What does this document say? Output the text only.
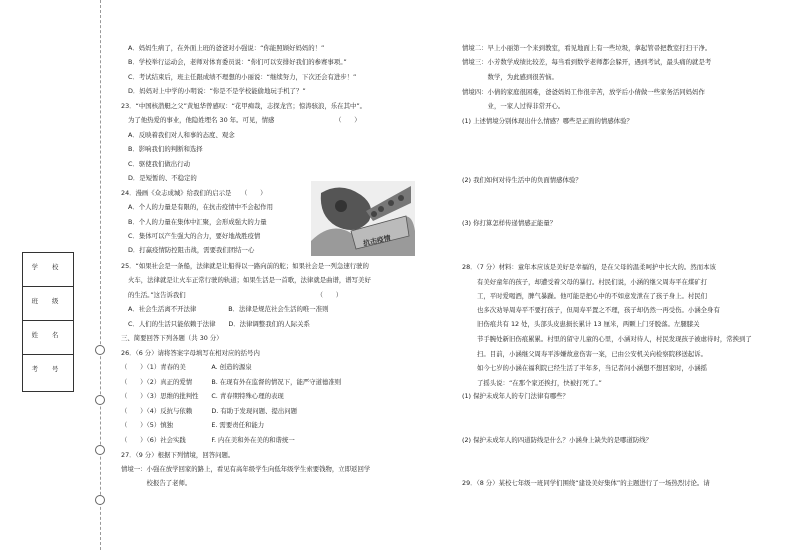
学 校
班 级
姓 名
考 号
A．妈妈生病了，在外面上班的爸爸对小强说：“你能照顾好妈妈的！”
B．学校举行运动会，老师对体育委员说：“你们可以安排好我们的参赛事项。”
C．考试结束后，班主任跟成绩不理想的小丽说：“继续努力，下次还会有进步！”
D．妈妈对上中学的小明说：“你是不是学校能偷地玩手机了？”
23．“中国核潜艇之父”黄旭华曾感叹：“花甲痴哉，志探龙宫；惊涛骇浪，乐在其中”。
为了他热爱的事业，他隐姓埋名 30 年。可见，情感　　　　　　　　　　（　　）
A．反映着我们对人和事的态度、观念
B．影响我们的判断和选择
C．驱使我们做出行动
D．是短暂的、不稳定的
24．漫画《众志成城》给我们的启示是　　（　　）
A．个人的力量是有限的，在抗击疫情中不会起作用
B．个人的力量在集体中汇聚，会形成强大的力量
C．集体可以产生强大的合力，要好地战胜疫情
D．打赢疫情防控阻击战，需要我们团结一心
25．“如果社会是一条船，法律就是让船得以一路向前的舵；如果社会是一列急速行驶的
火车，法律就是让火车正常行驶的轨道；如果生活是一首歌，法律就是曲谱，谱写美好
的生活。”这告诉我们　　　　　　　　　　　　　　　　　　　　　（　　）
A．社会生活离不开法律　　　　　B．法律是规范社会生活的唯一准则
C．人们的生活只能依赖于法律　　D．法律调整我们的人际关系
三、简要回答下列各题（共 30 分）
26．（6 分）请将答案字母填写在相对应的括号内
（　　）（1）青春的美　　　　A. 创造的源泉
（　　）（2）真正的爱情　　　B. 在现有外在监督的情况下，能严守道德准则
（　　）（3）思维的批判性　　C. 青春期特殊心理的表现
（　　）（4）反抗与依赖　　　D. 有助于发现问题、提出问题
（　　）（5）慎独　　　　　　E. 需要责任和能力
（　　）（6）社会实践　　　　F. 内在美和外在美的和谐统一
27．（9 分）根据下列情境，回答问题。
情境一：小强在放学回家的路上，看见有高年级学生向低年级学生索要钱物，立即返回学
　　　　校报告了老师。
抗击疫情
情境二：早上小丽第一个来到教室，看见地面上有一些垃圾，拿起管帚把教室打扫干净。
情境三：小芳数学成绩比较差，每当看到数学老师都会躲开，遇到考试，最头痛的就是考
　　　　数学，为此感到很苦恼。
情境四：小倩的家庭很困难，爸爸妈妈工作很辛苦，放学后小倩做一些家务活同妈妈作
　　　　业，一家人过得非常开心。
(1) 上述情境分别体现出什么情感？哪些是正面的情感体验？
(2) 我们如何对待生活中的负面情感体验？
(3) 你打算怎样传递情感正能量？
28．（7 分）材料：童年本应该是美好是幸福的，是在父母的温柔呵护中长大的。然而本该
有美好童年的孩子，却遭受着父母的暴行。村民们说，小涵的继父周寿平在煤矿打
工，平时爱喝酒，脾气暴躁。他可能是把心中的不如意发泄在了孩子身上。村民们
也多次劝导周寿平不要打孩子，但周寿平置之不理，孩子却仍然一再受伤。小涵全身有
旧伤痕共有 12 处，头部头皮患损长累计 13 厘米，两颗上门牙脱落。左腿膝关
节手腕处新旧伤痕累累。村里的留守儿童的心里，小涵对待人，村民发现孩子被虐待时，常挨到了
扫。目前，小涵继父周寿平涉嫌故意伤害一案，已由公安机关向检察院移送起诉。
如今七岁的小涵在福利院已经生活了半年多，当记者问小涵想不想回家时，小涵摇
了摇头说：“在那个家还挨打，快被打死了。”
(1) 保护未成年人的专门法律有哪些？
(2) 保护未成年人的四道防线是什么？小涵身上缺失的是哪道防线？
29．（8 分）某校七年级一班同学们围绕“建设美好集体”的主题进行了一场热烈讨论。请
